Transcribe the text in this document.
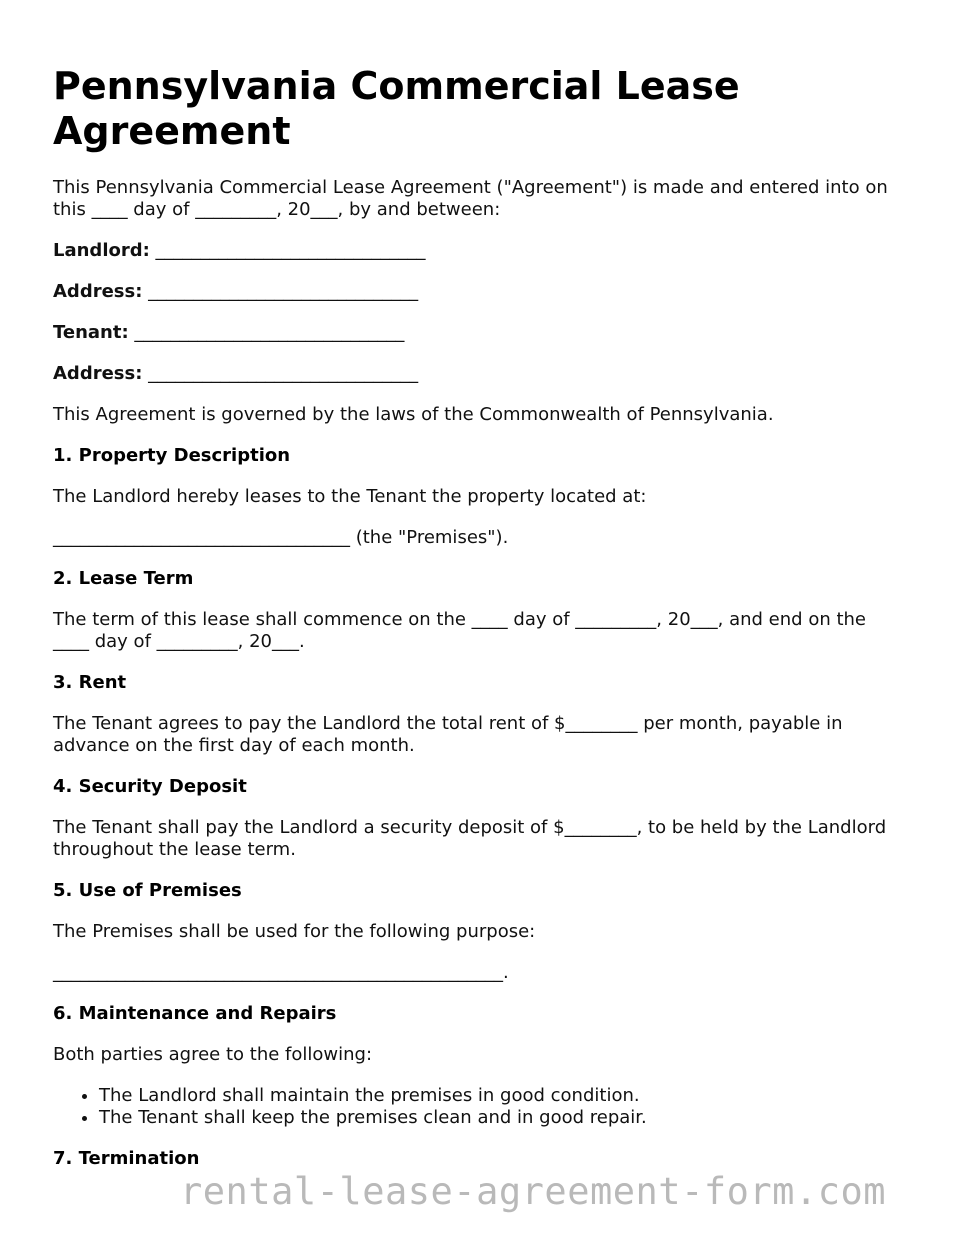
Pennsylvania Commercial Lease Agreement

This Pennsylvania Commercial Lease Agreement ("Agreement") is made and entered into on this ____ day of _________, 20___, by and between:

Landlord: ______________________________
Address: ______________________________
Tenant: ______________________________
Address: ______________________________

This Agreement is governed by the laws of the Commonwealth of Pennsylvania.

1. Property Description

The Landlord hereby leases to the Tenant the property located at:

_________________________________ (the "Premises").

2. Lease Term

The term of this lease shall commence on the ____ day of _________, 20___, and end on the ____ day of _________, 20___.

3. Rent

The Tenant agrees to pay the Landlord the total rent of $________ per month, payable in advance on the first day of each month.

4. Security Deposit

The Tenant shall pay the Landlord a security deposit of $________, to be held by the Landlord throughout the lease term.

5. Use of Premises

The Premises shall be used for the following purpose:

__________________________________________________.

6. Maintenance and Repairs

Both parties agree to the following:

• The Landlord shall maintain the premises in good condition.
• The Tenant shall keep the premises clean and in good repair.
7. Termination
rental-lease-agreement-form.com
